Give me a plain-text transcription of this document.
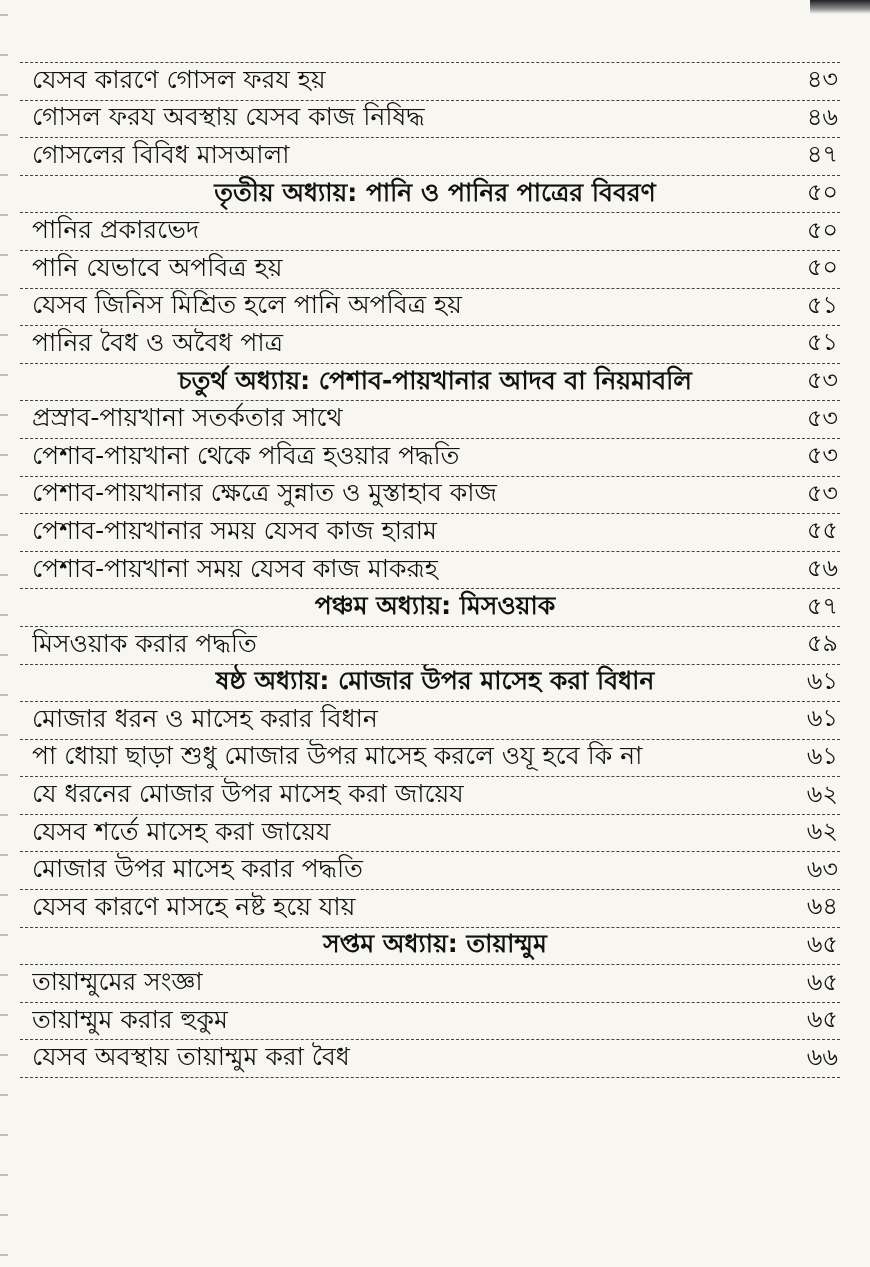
যেসব কারণে গোসল ফরয হয়	৪৩
গোসল ফরয অবস্থায় যেসব কাজ নিষিদ্ধ	৪৬
গোসলের বিবিধ মাসআলা	৪৭
তৃতীয় অধ্যায়: পানি ও পানির পাত্রের বিবরণ	৫০
পানির প্রকারভেদ	৫০
পানি যেভাবে অপবিত্র হয়	৫০
যেসব জিনিস মিশ্রিত হলে পানি অপবিত্র হয়	৫১
পানির বৈধ ও অবৈধ পাত্র	৫১
চতুর্থ অধ্যায়: পেশাব-পায়খানার আদব বা নিয়মাবলি	৫৩
প্রস্রাব-পায়খানা সতর্কতার সাথে	৫৩
পেশাব-পায়খানা থেকে পবিত্র হওয়ার পদ্ধতি	৫৩
পেশাব-পায়খানার ক্ষেত্রে সুন্নাত ও মুস্তাহাব কাজ	৫৩
পেশাব-পায়খানার সময় যেসব কাজ হারাম	৫৫
পেশাব-পায়খানা সময় যেসব কাজ মাকরূহ	৫৬
পঞ্চম অধ্যায়: মিসওয়াক	৫৭
মিসওয়াক করার পদ্ধতি	৫৯
ষষ্ঠ অধ্যায়: মোজার উপর মাসেহ করা বিধান	৬১
মোজার ধরন ও মাসেহ করার বিধান	৬১
পা ধোয়া ছাড়া শুধু মোজার উপর মাসেহ করলে ওযূ হবে কি না	৬১
যে ধরনের মোজার উপর মাসেহ করা জায়েয	৬২
যেসব শর্তে মাসেহ করা জায়েয	৬২
মোজার উপর মাসেহ করার পদ্ধতি	৬৩
যেসব কারণে মাসহে নষ্ট হয়ে যায়	৬৪
সপ্তম অধ্যায়: তায়াম্মুম	৬৫
তায়াম্মুমের সংজ্ঞা	৬৫
তায়াম্মুম করার হুকুম	৬৫
যেসব অবস্থায় তায়াম্মুম করা বৈধ	৬৬
